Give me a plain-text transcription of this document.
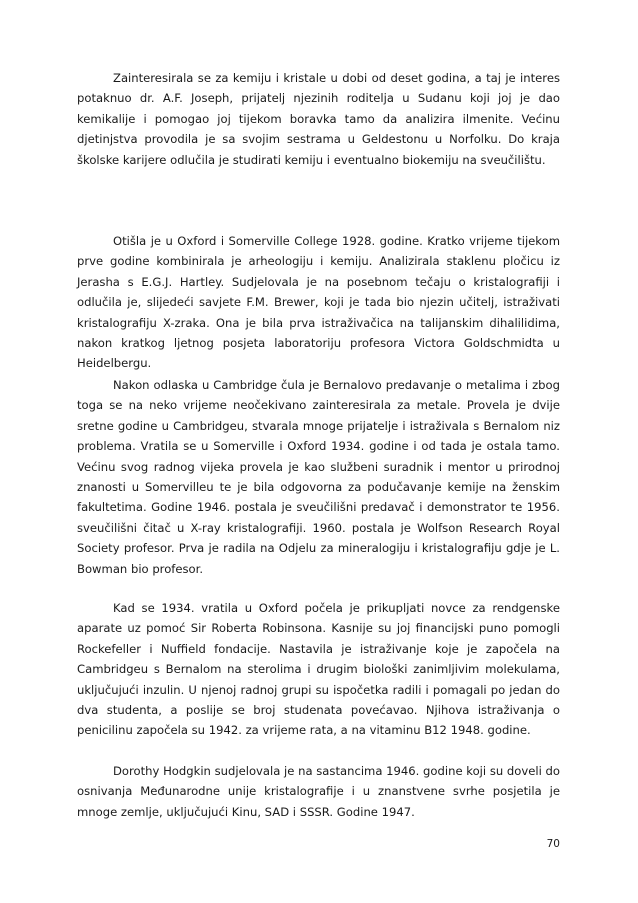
Zainteresirala se za kemiju i kristale u dobi od deset godina, a taj je interes potaknuo dr. A.F. Joseph, prijatelj njezinih roditelja u Sudanu koji joj je dao kemikalije i pomogao joj tijekom boravka tamo da analizira ilmenite. Većinu djetinjstva provodila je sa svojim sestrama u Geldestonu u Norfolku. Do kraja školske karijere odlučila je studirati kemiju i eventualno biokemiju na sveučilištu.

Otišla je u Oxford i Somerville College 1928. godine. Kratko vrijeme tijekom prve godine kombinirala je arheologiju i kemiju. Analizirala staklenu pločicu iz Jerasha s E.G.J. Hartley. Sudjelovala je na posebnom tečaju o kristalografiji i odlučila je, slijedeći savjete F.M. Brewer, koji je tada bio njezin učitelj, istraživati kristalografiju X-zraka. Ona je bila prva istraživačica na talijanskim dihalilidima, nakon kratkog ljetnog posjeta laboratoriju profesora Victora Goldschmidta u Heidelbergu.

Nakon odlaska u Cambridge čula je Bernalovo predavanje o metalima i zbog toga se na neko vrijeme neočekivano zainteresirala za metale. Provela je dvije sretne godine u Cambridgeu, stvarala mnoge prijatelje i istraživala s Bernalom niz problema. Vratila se u Somerville i Oxford 1934. godine i od tada je ostala tamo. Većinu svog radnog vijeka provela je kao službeni suradnik i mentor u prirodnoj znanosti u Somervilleu te je bila odgovorna za podučavanje kemije na ženskim fakultetima. Godine 1946. postala je sveučilišni predavač i demonstrator te 1956. sveučilišni čitač u X-ray kristalografiji. 1960. postala je Wolfson Research Royal Society profesor. Prva je radila na Odjelu za mineralogiju i kristalografiju gdje je L. Bowman bio profesor.

Kad se 1934. vratila u Oxford počela je prikupljati novce za rendgenske aparate uz pomoć Sir Roberta Robinsona. Kasnije su joj financijski puno pomogli Rockefeller i Nuffield fondacije. Nastavila je istraživanje koje je započela na Cambridgeu s Bernalom na sterolima i drugim biološki zanimljivim molekulama, uključujući inzulin. U njenoj radnoj grupi su ispočetka radili i pomagali po jedan do dva studenta, a poslije se broj studenata povećavao. Njihova istraživanja o penicilinu započela su 1942. za vrijeme rata, a na vitaminu B12 1948. godine.

Dorothy Hodgkin sudjelovala je na sastancima 1946. godine koji su doveli do osnivanja Međunarodne unije kristalografije i u znanstvene svrhe posjetila je mnoge zemlje, uključujući Kinu, SAD i SSSR. Godine 1947.

70
